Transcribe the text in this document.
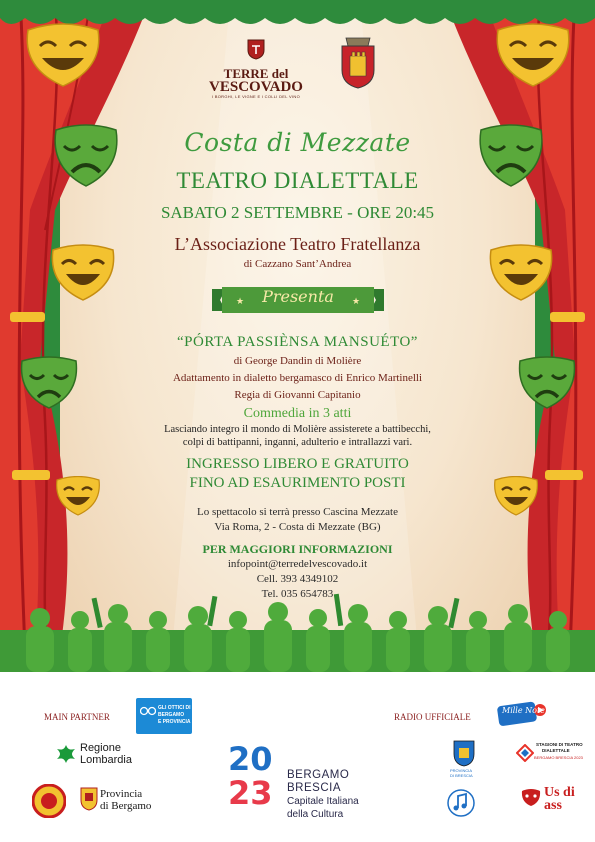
TERRE del
VESCOVADO
I BORGHI, LE VIGNE E I COLLI DEL VINO
Costa di Mezzate
TEATRO DIALETTALE
SABATO 2 SETTEMBRE - ORE 20:45
L’Associazione Teatro Fratellanza
di Cazzano Sant’Andrea
★	★
Presenta
“PÓRTA PASSIÈNSA MANSUÉTO”
di George Dandin di Molière
Adattamento in dialetto bergamasco di Enrico Martinelli
Regia di Giovanni Capitanio
Commedia in 3 atti
Lasciando integro il mondo di Molière assisterete a battibecchi,
colpi di battipanni, inganni, adulterio e intrallazzi vari.
INGRESSO LIBERO E GRATUITO
FINO AD ESAURIMENTO POSTI
Lo spettacolo si terrà presso Cascina Mezzate
Via Roma, 2 - Costa di Mezzate (BG)
PER MAGGIORI INFORMAZIONI
infopoint@terredelvescovado.it
Cell. 393 4349102
Tel. 035 654783
MAIN PARTNER
GLI OTTICI DI
BERGAMO
E PROVINCIA	RADIO UFFICIALE
Mille Note
Regione
Lombardia
Provincia
di Bergamo
20
23 BERGAMO
BRESCIA
Capitale Italiana
della Cultura
PROVINCIA
DI BRESCIA
STAGIONI DI TEATRO
DIALETTALE
BERGAMO BRESCIA 2023
Us di ass
